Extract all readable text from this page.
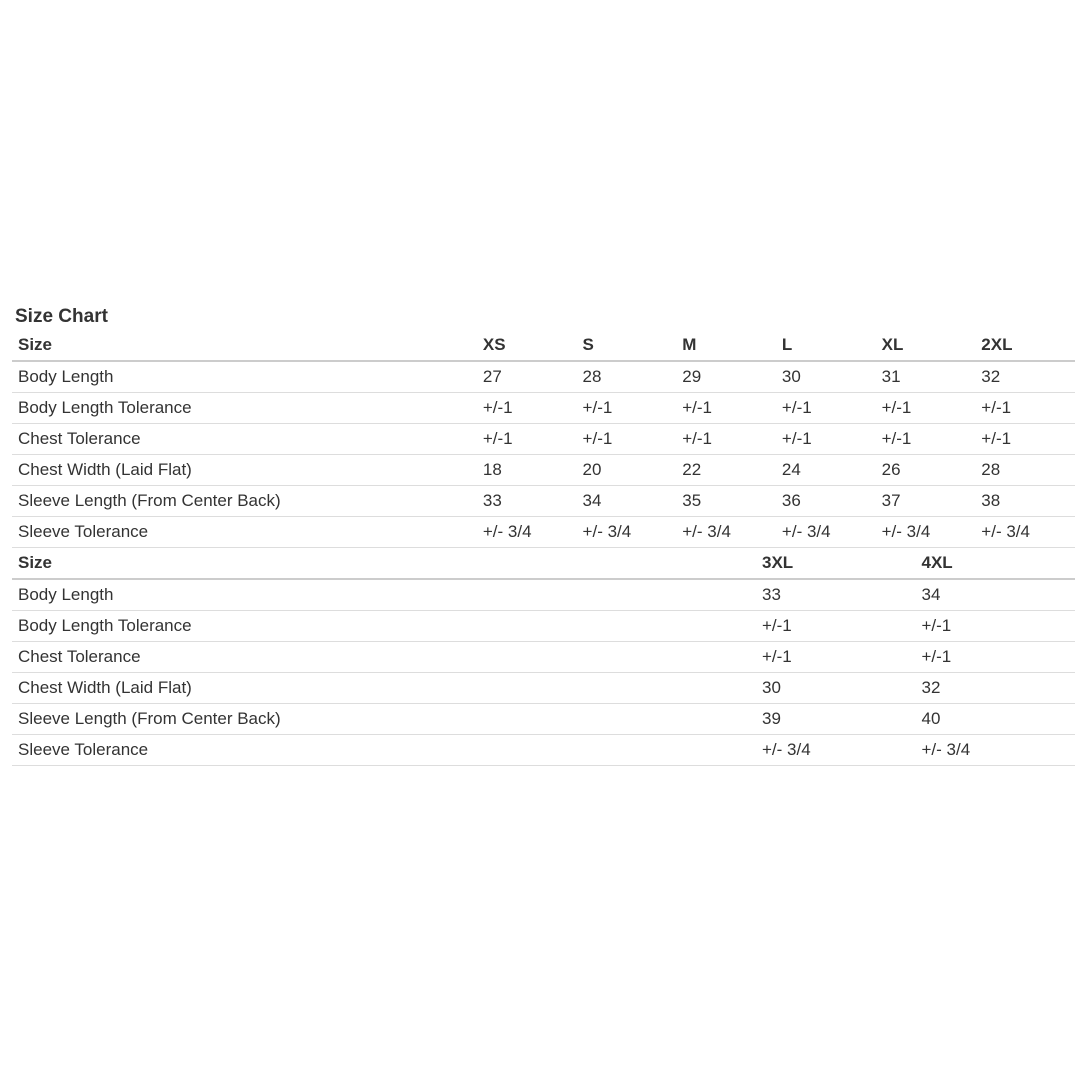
Size Chart
Size	XS	S	M	L	XL	2XL
Body Length	27	28	29	30	31	32
Body Length Tolerance	+/-1	+/-1	+/-1	+/-1	+/-1	+/-1
Chest Tolerance	+/-1	+/-1	+/-1	+/-1	+/-1	+/-1
Chest Width (Laid Flat)	18	20	22	24	26	28
Sleeve Length (From Center Back)	33	34	35	36	37	38
Sleeve Tolerance	+/- 3/4	+/- 3/4	+/- 3/4	+/- 3/4	+/- 3/4	+/- 3/4
Size		3XL	4XL
Body Length		33	34
Body Length Tolerance		+/-1	+/-1
Chest Tolerance		+/-1	+/-1
Chest Width (Laid Flat)		30	32
Sleeve Length (From Center Back)		39	40
Sleeve Tolerance		+/- 3/4	+/- 3/4
